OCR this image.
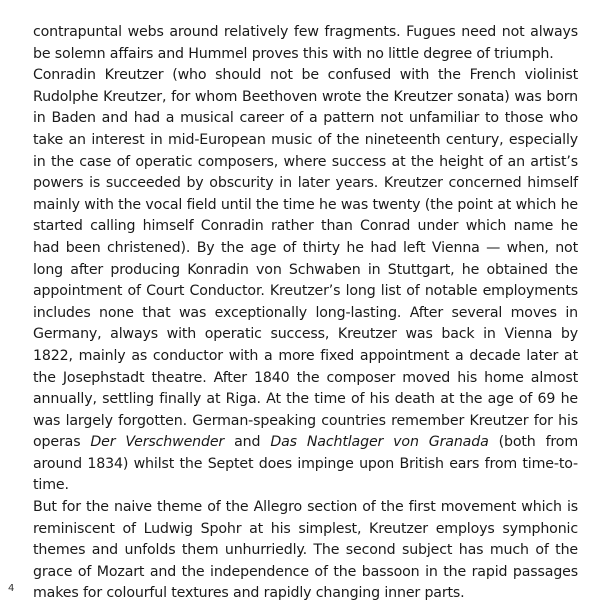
contrapuntal webs around relatively few fragments. Fugues need not always be solemn affairs and Hummel proves this with no little degree of triumph.

Conradin Kreutzer (who should not be confused with the French violinist Rudolphe Kreutzer, for whom Beethoven wrote the Kreutzer sonata) was born in Baden and had a musical career of a pattern not unfamiliar to those who take an interest in mid-European music of the nineteenth century, especially in the case of operatic composers, where success at the height of an artist’s powers is succeeded by obscurity in later years. Kreutzer concerned himself mainly with the vocal field until the time he was twenty (the point at which he started calling himself Conradin rather than Conrad under which name he had been christened). By the age of thirty he had left Vienna — when, not long after producing Konradin von Schwaben in Stuttgart, he obtained the appointment of Court Conductor. Kreutzer’s long list of notable employments includes none that was exceptionally long-lasting. After several moves in Germany, always with operatic success, Kreutzer was back in Vienna by 1822, mainly as conductor with a more fixed appointment a decade later at the Josephstadt theatre. After 1840 the composer moved his home almost annually, settling finally at Riga. At the time of his death at the age of 69 he was largely forgotten. German-speaking countries remember Kreutzer for his operas Der Verschwender and Das Nachtlager von Granada (both from around 1834) whilst the Septet does impinge upon British ears from time-to-time.

But for the naive theme of the Allegro section of the first movement which is reminiscent of Ludwig Spohr at his simplest, Kreutzer employs symphonic themes and unfolds them unhurriedly. The second subject has much of the grace of Mozart and the independence of the bassoon in the rapid passages makes for colourful textures and rapidly changing inner parts.

4
